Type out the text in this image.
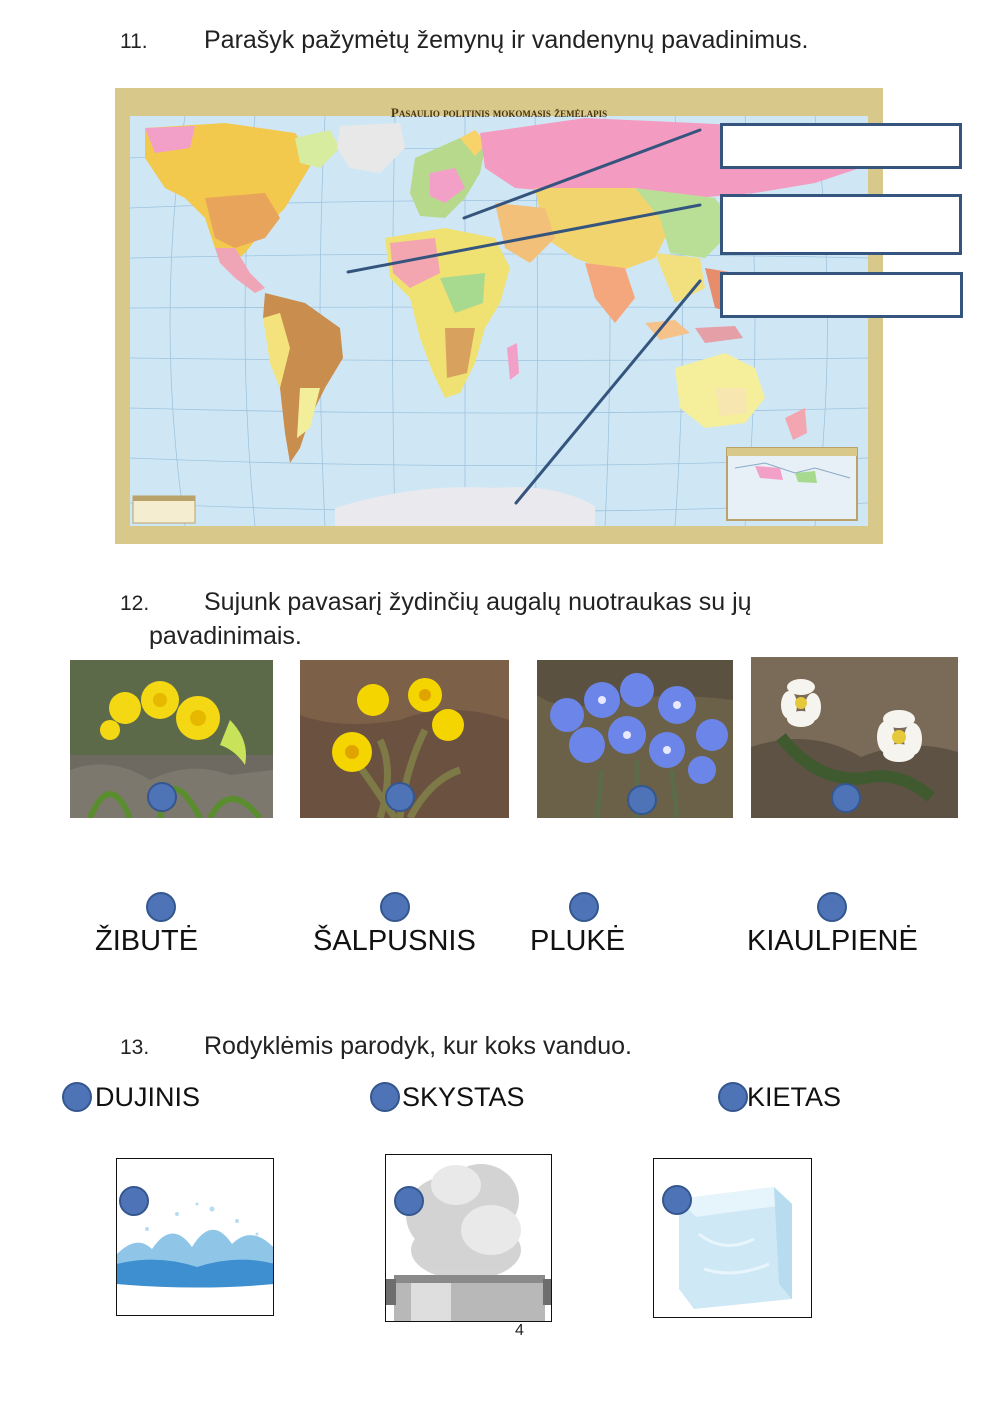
11. Parašyk pažymėtų žemynų ir vandenynų pavadinimus.
Pasaulio politinis mokomasis žemėlapis
12. Sujunk pavasarį žydinčių augalų nuotraukas su jų
pavadinimais.
ŽIBUTĖ	ŠALPUSNIS PLUKĖ	KIAULPIENĖ
13. Rodyklėmis parodyk, kur koks vanduo.
DUJINIS	SKYSTAS	KIETAS
4
